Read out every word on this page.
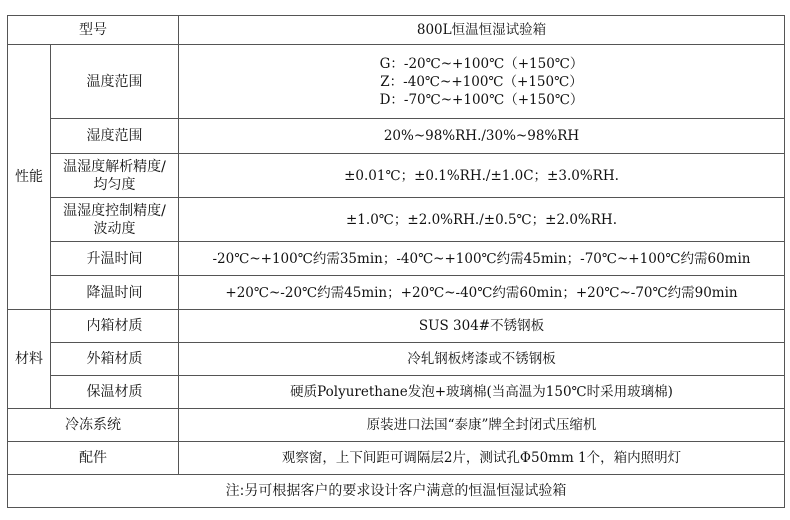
型号		800L恒温恒湿试验箱
性能	温度范围	G：-20℃~+100℃（+150℃）
Z：-40℃~+100℃（+150℃）
D：-70℃~+100℃（+150℃）

	湿度范围	20%~98%RH./30%~98%RH

	温湿度解析精度/
均匀度	±0.01℃；±0.1%RH./±1.0C；±3.0%RH.

	温湿度控制精度/
波动度	±1.0℃；±2.0%RH./±0.5℃；±2.0%RH.
	升温时间	-20℃~+100℃约需35min；-40℃~+100℃约需45min；-70℃~+100℃约需60min
	降温时间	+20℃~-20℃约需45min；+20℃~-40℃约需60min；+20℃~-70℃约需90min
材料	内箱材质	SUS 304#不锈钢板
	外箱材质	冷轧钢板烤漆或不锈钢板
	保温材质	硬质Polyurethane发泡+玻璃棉(当高温为150℃时采用玻璃棉)
冷冻系统		原装进口法国“泰康”牌全封闭式压缩机
配件		观察窗，上下间距可调隔层2片，测试孔Φ50mm 1个，箱内照明灯
注:另可根据客户的要求设计客户满意的恒温恒湿试验箱		
